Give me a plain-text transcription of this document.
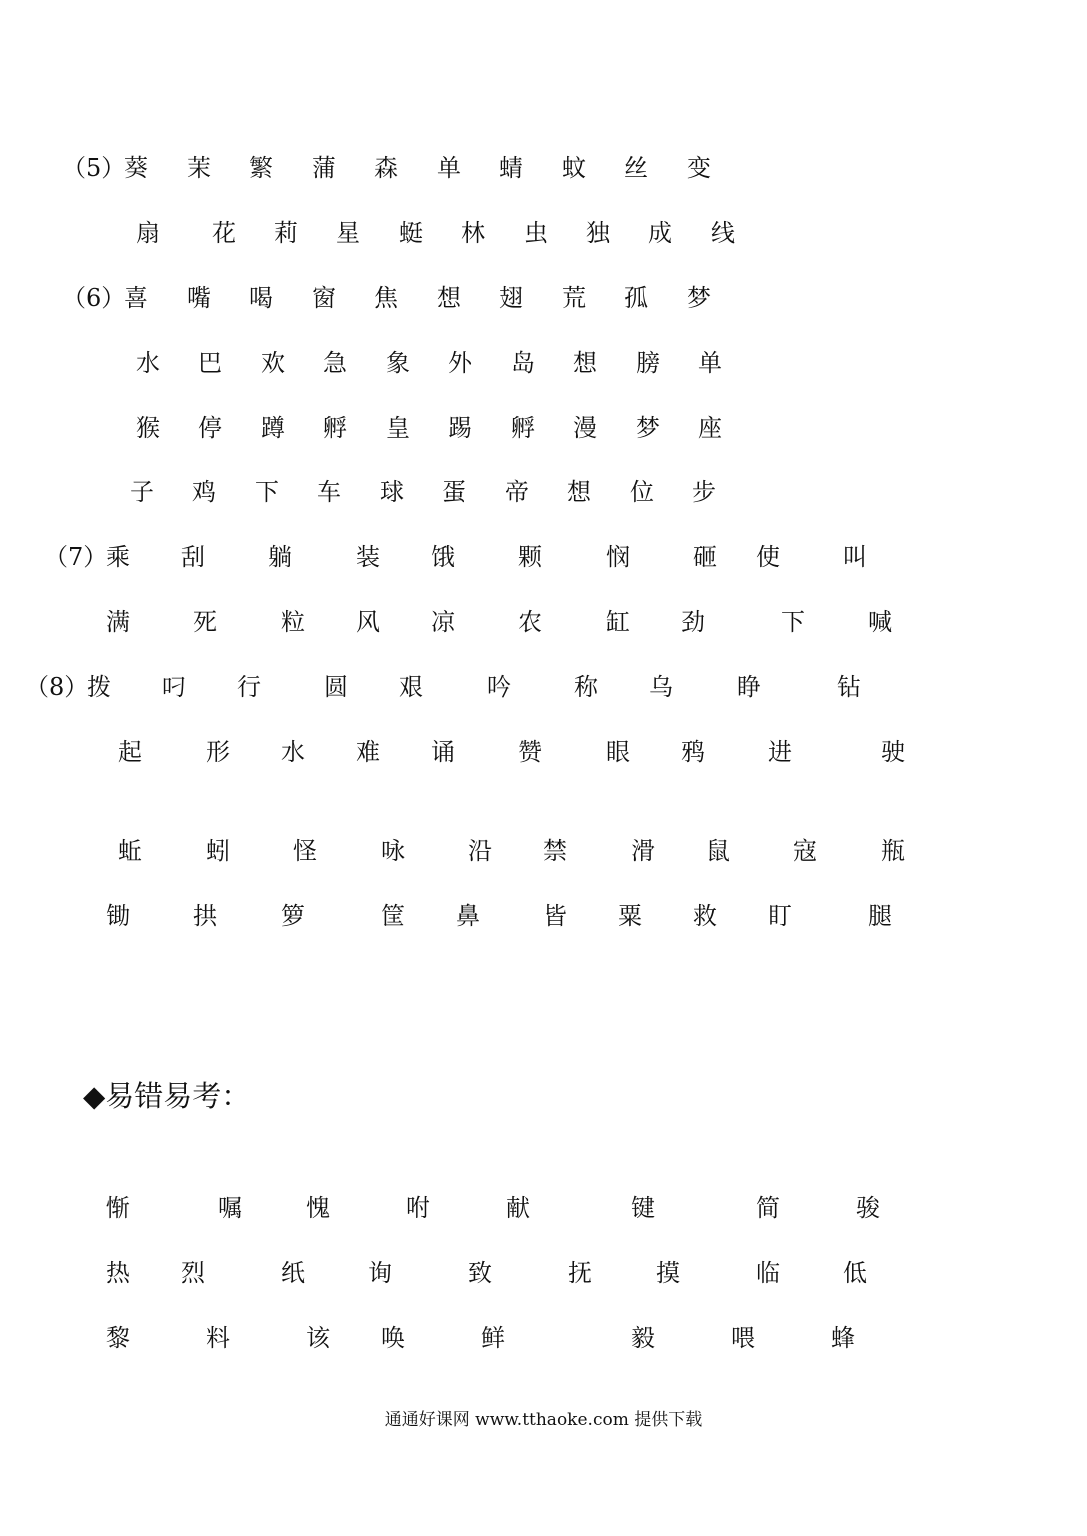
（5）
葵 茉 繁 蒲 森 单 蜻 蚊 丝 变
扇 花 莉 星 蜓 林 虫 独 成 线
（6）
喜 嘴 喝 窗 焦 想 翅 荒 孤 梦
水 巴 欢 急 象 外 岛 想 膀 单
猴 停 蹲 孵 皇 踢 孵 漫 梦 座
子 鸡 下 车 球 蛋 帝 想 位 步
（7）
乘 刮	躺	装 饿	颗	悯	砸 使	叫
满	死	粒 风 凉	农	缸 劲	下	喊
（8）
拨 叼 行	圆 艰	吟	称 乌	睁	钻
起	形 水 难 诵	赞	眼 鸦	进	驶
蚯	蚓	怪	咏	沿 禁	滑 鼠	寇	瓶
锄	拱	箩	筐 鼻	皆 粟 救 盯	腿
◆易错易考：
惭	嘱	愧	咐	献	键	简	骏
热 烈	纸	询	致	抚	摸	临	低
黎	料	该 唤	鲜	毅	喂	蜂
通通好课网 www.tthaoke.com 提供下载
